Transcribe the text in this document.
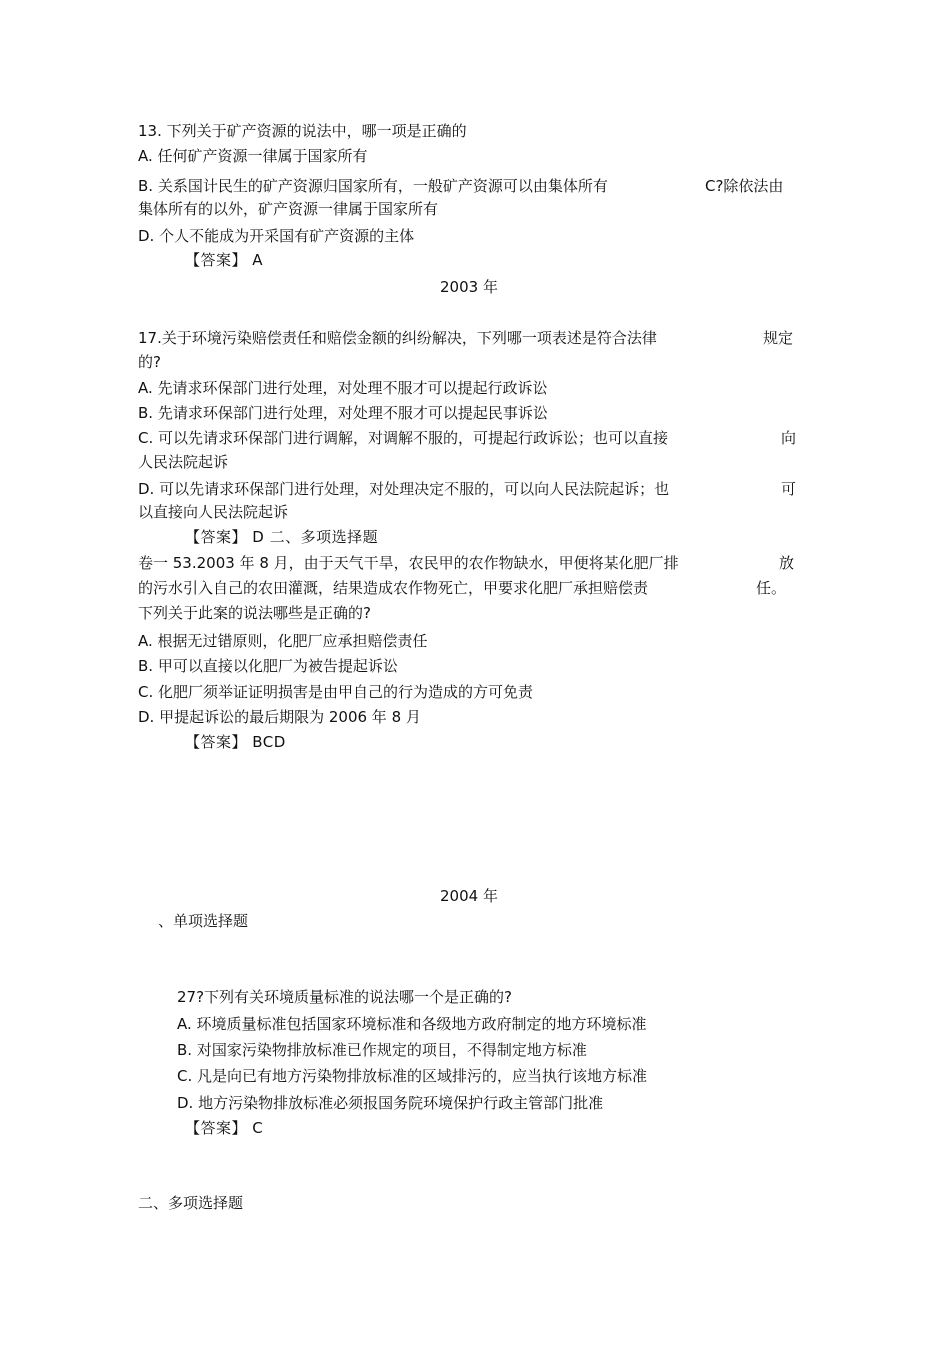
13. 下列关于矿产资源的说法中，哪一项是正确的
A. 任何矿产资源一律属于国家所有
B. 关系国计民生的矿产资源归国家所有，一般矿产资源可以由集体所有	C?除依法由
集体所有的以外，矿产资源一律属于国家所有
D. 个人不能成为开采国有矿产资源的主体
【答案】 A
2003 年
17.关于环境污染赔偿责任和赔偿金额的纠纷解决，下列哪一项表述是符合法律	规定
的?
A. 先请求环保部门进行处理，对处理不服才可以提起行政诉讼
B. 先请求环保部门进行处理，对处理不服才可以提起民事诉讼
C. 可以先请求环保部门进行调解，对调解不服的，可提起行政诉讼；也可以直接	向
人民法院起诉
D. 可以先请求环保部门进行处理，对处理决定不服的，可以向人民法院起诉；也	可
以直接向人民法院起诉
【答案】 D 二、多项选择题
卷一 53.2003 年 8 月，由于天气干旱，农民甲的农作物缺水，甲便将某化肥厂排	放
的污水引入自己的农田灌溉，结果造成农作物死亡，甲要求化肥厂承担赔偿责	任。
下列关于此案的说法哪些是正确的?
A. 根据无过错原则，化肥厂应承担赔偿责任
B. 甲可以直接以化肥厂为被告提起诉讼
C. 化肥厂须举证证明损害是由甲自己的行为造成的方可免责
D. 甲提起诉讼的最后期限为 2006 年 8 月
【答案】 BCD
2004 年
、单项选择题
27?下列有关环境质量标准的说法哪一个是正确的?
A. 环境质量标准包括国家环境标准和各级地方政府制定的地方环境标准
B. 对国家污染物排放标准已作规定的项目，不得制定地方标准
C. 凡是向已有地方污染物排放标准的区域排污的，应当执行该地方标准
D. 地方污染物排放标准必须报国务院环境保护行政主管部门批准
【答案】 C
二、多项选择题
